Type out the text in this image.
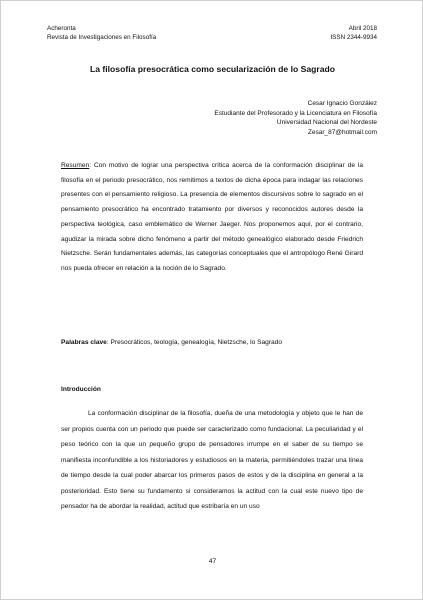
Acheronta
Revista de Investigaciones en Filosofía
Abril 2018
ISSN 2344-9934
La filosofía presocrática como secularización de lo Sagrado
Cesar Ignacio González
Estudiante del Profesorado y la Licenciatura en Filosofía
Universidad Nacional del Nordeste
Zesar_87@hotmail.com
Resumen: Con motivo de lograr una perspectiva crítica acerca de la conformación disciplinar de la filosofía en el periodo presocrático, nos remitimos a textos de dicha época para indagar las relaciones presentes con el pensamiento religioso. La presencia de elementos discursivos sobre lo sagrado en el pensamiento presocrático ha encontrado tratamiento por diversos y reconocidos autores desde la perspectiva teológica, caso emblemático de Werner Jaeger. Nos proponemos aquí, por el contrario, agudizar la mirada sobre dicho fenómeno a partir del método genealógico elaborado desde Friedrich Nietzsche. Serán fundamentales además, las categorías conceptuales que el antropólogo René Girard nos pueda ofrecer en relación a la noción de lo Sagrado.
Palabras clave: Presocráticos, teología, genealogía, Nietzsche, lo Sagrado
Introducción
La conformación disciplinar de la filosofía, dueña de una metodología y objeto que le han de ser propios cuenta con un periodo que puede ser caracterizado como fundacional. La peculiaridad y el peso teórico con la que un pequeño grupo de pensadores irrumpe en el saber de su tiempo se manifiesta inconfundible a los historiadores y estudiosos en la materia, permitiéndoles trazar una línea de tiempo desde la cual poder abarcar los primeros pasos de estos y de la disciplina en general a la posterioridad. Esto tiene su fundamento si consideramos la actitud con la cual este nuevo tipo de pensador ha de abordar la realidad, actitud que estribaría en un uso
47
